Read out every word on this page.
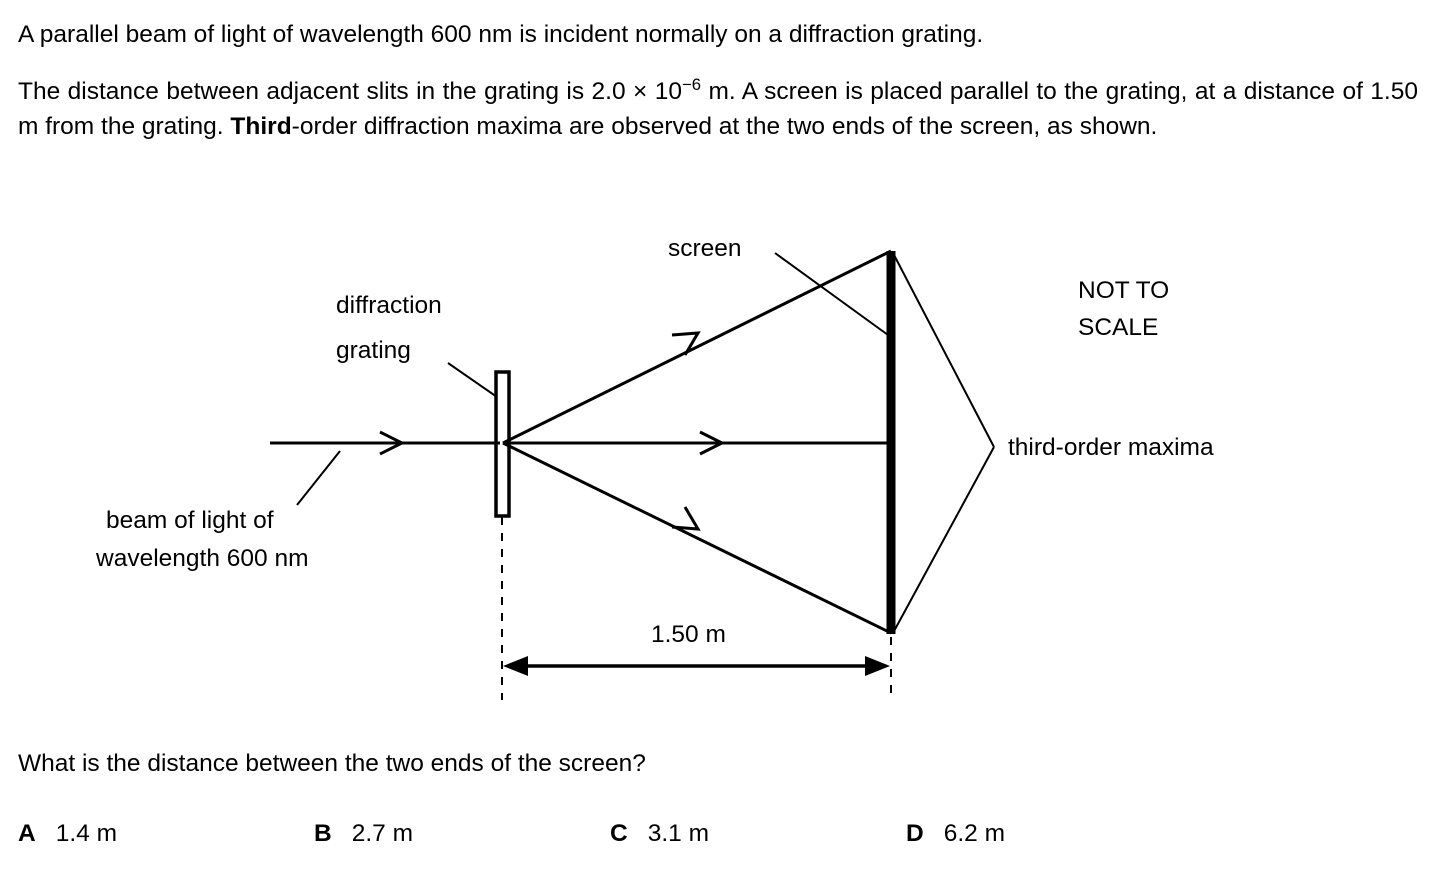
A parallel beam of light of wavelength 600 nm is incident normally on a diffraction grating.

The distance between adjacent slits in the grating is $2.0 \times 10^{-6}$ m. A screen is placed parallel to the grating, at a distance of 1.50 m from the grating. Third-order diffraction maxima are observed at the two ends of the screen, as shown.

screen
diffraction
grating
NOT TO
SCALE
third-order maxima
beam of light of
wavelength 600 nm
1.50 m
What is the distance between the two ends of the screen?
A 1.4 m	B 2.7 m	C 3.1 m	D 6.2 m
